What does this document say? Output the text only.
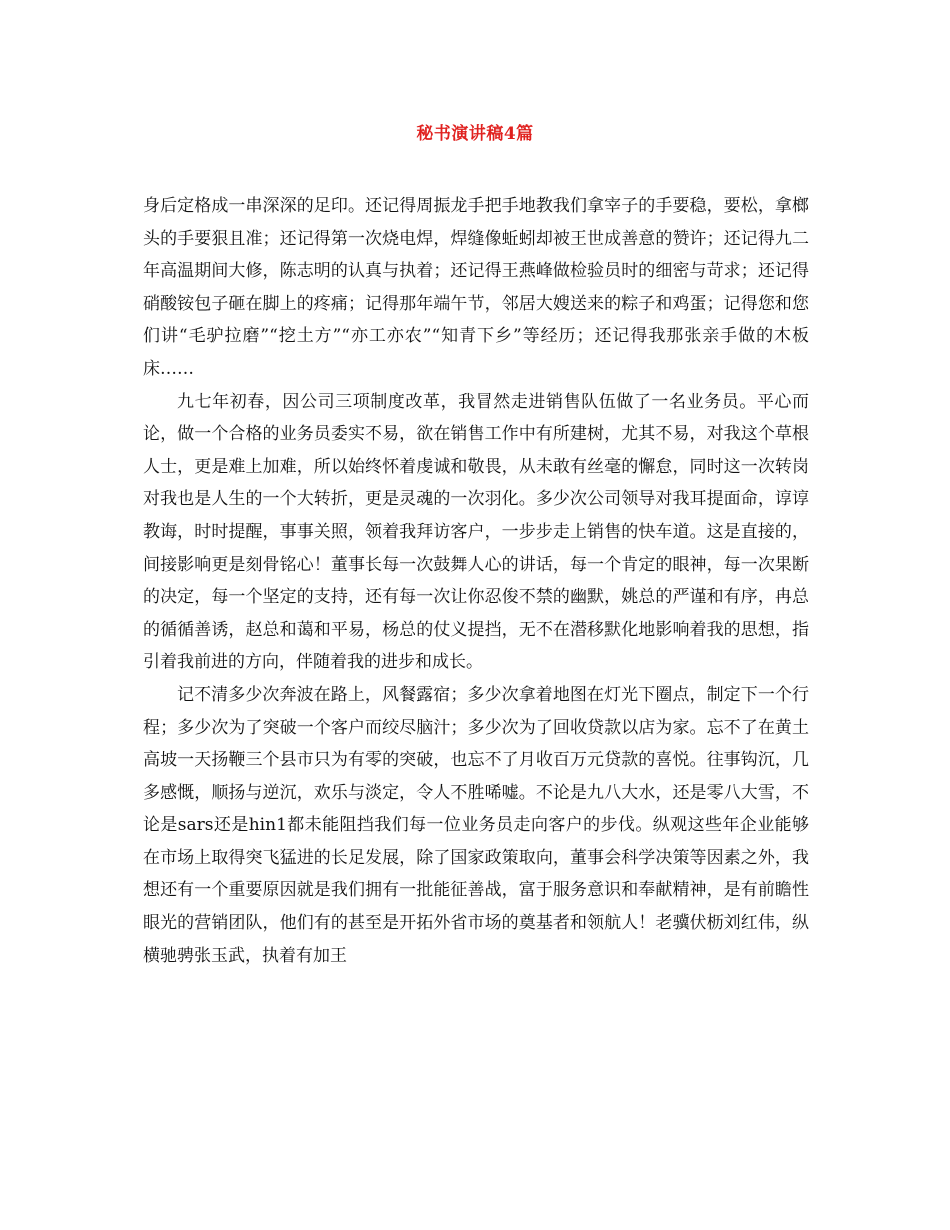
秘书演讲稿4篇

身后定格成一串深深的足印。还记得周振龙手把手地教我们拿宰子的手要稳，要松，拿榔头的手要狠且准；还记得第一次烧电焊，焊缝像蚯蚓却被王世成善意的赞许；还记得九二年高温期间大修，陈志明的认真与执着；还记得王燕峰做检验员时的细密与苛求；还记得硝酸铵包子砸在脚上的疼痛；记得那年端午节，邻居大嫂送来的粽子和鸡蛋；记得您和您们讲“毛驴拉磨”“挖土方”“亦工亦农”“知青下乡”等经历；还记得我那张亲手做的木板床……

九七年初春，因公司三项制度改革，我冒然走进销售队伍做了一名业务员。平心而论，做一个合格的业务员委实不易，欲在销售工作中有所建树，尤其不易，对我这个草根人士，更是难上加难，所以始终怀着虔诚和敬畏，从未敢有丝毫的懈怠，同时这一次转岗对我也是人生的一个大转折，更是灵魂的一次羽化。多少次公司领导对我耳提面命，谆谆教诲，时时提醒，事事关照，领着我拜访客户，一步步走上销售的快车道。这是直接的，间接影响更是刻骨铭心！董事长每一次鼓舞人心的讲话，每一个肯定的眼神，每一次果断的决定，每一个坚定的支持，还有每一次让你忍俊不禁的幽默，姚总的严谨和有序，冉总的循循善诱，赵总和蔼和平易，杨总的仗义提挡，无不在潜移默化地影响着我的思想，指引着我前进的方向，伴随着我的进步和成长。

记不清多少次奔波在路上，风餐露宿；多少次拿着地图在灯光下圈点，制定下一个行程；多少次为了突破一个客户而绞尽脑汁；多少次为了回收贷款以店为家。忘不了在黄土高坡一天扬鞭三个县市只为有零的突破，也忘不了月收百万元贷款的喜悦。往事钩沉，几多感慨，顺扬与逆沉，欢乐与淡定，令人不胜唏嘘。不论是九八大水，还是零八大雪，不论是sars还是hin1都未能阻挡我们每一位业务员走向客户的步伐。纵观这些年企业能够在市场上取得突飞猛进的长足发展，除了国家政策取向，董事会科学决策等因素之外，我想还有一个重要原因就是我们拥有一批能征善战，富于服务意识和奉献精神，是有前瞻性眼光的营销团队，他们有的甚至是开拓外省市场的奠基者和领航人！老骥伏枥刘红伟，纵横驰骋张玉武，执着有加王
